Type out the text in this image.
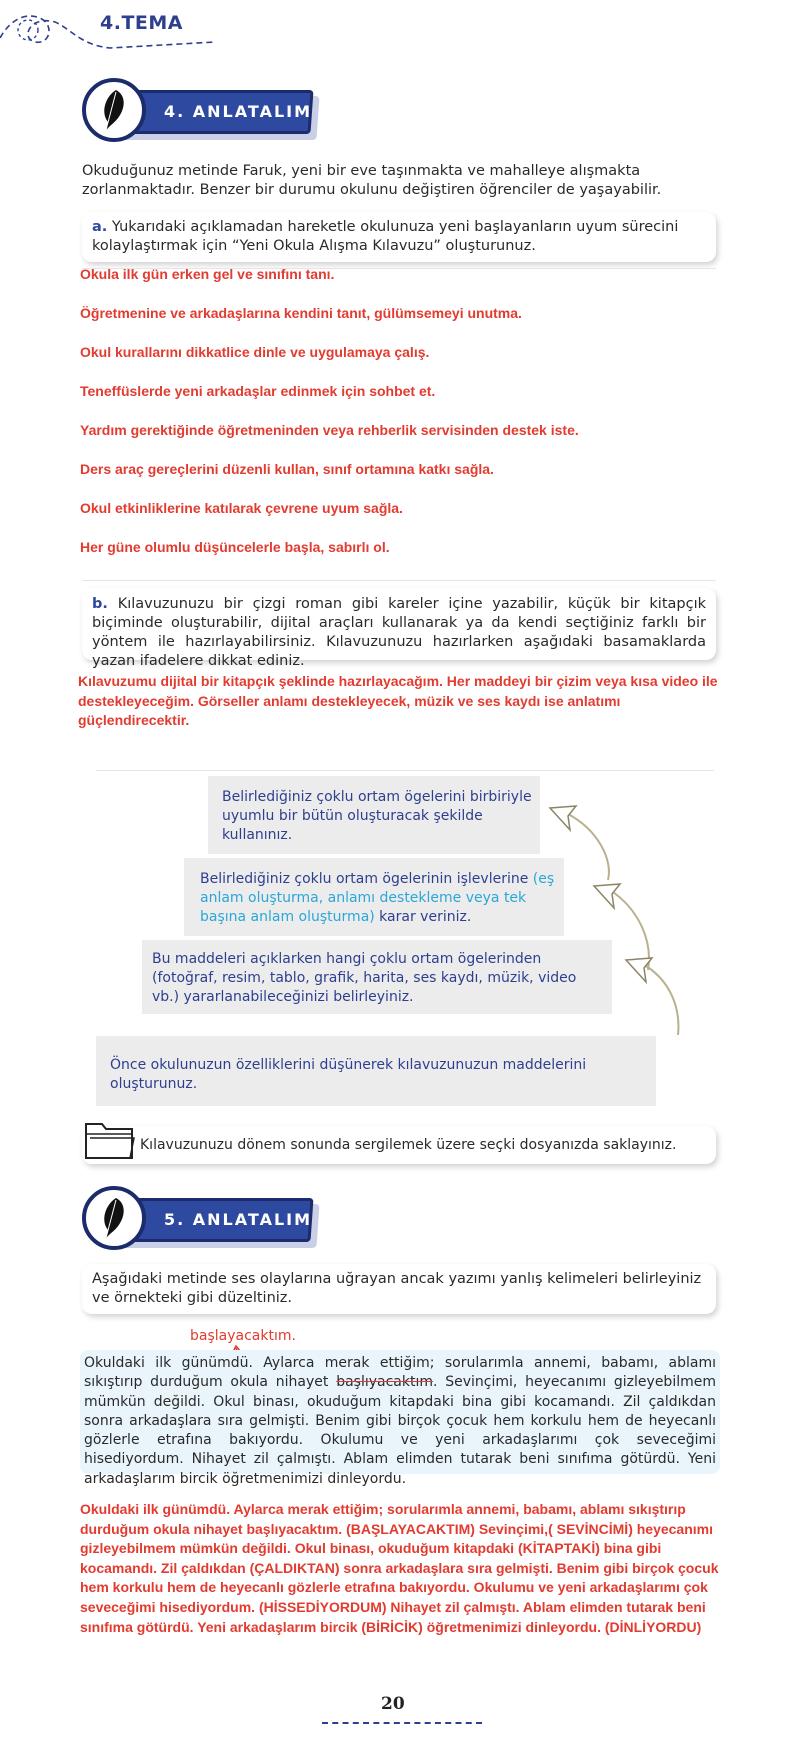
4.TEMA
4. ANLATALIM

Okuduğunuz metinde Faruk, yeni bir eve taşınmakta ve mahalleye alışmakta zorlanmaktadır. Benzer bir durumu okulunu değiştiren öğrenciler de yaşayabilir.

a. Yukarıdaki açıklamadan hareketle okulunuza yeni başlayanların uyum sürecini kolaylaştırmak için “Yeni Okula Alışma Kılavuzu” oluşturunuz.

Okula ilk gün erken gel ve sınıfını tanı.
Öğretmenine ve arkadaşlarına kendini tanıt, gülümsemeyi unutma.
Okul kurallarını dikkatlice dinle ve uygulamaya çalış.
Teneffüslerde yeni arkadaşlar edinmek için sohbet et.
Yardım gerektiğinde öğretmeninden veya rehberlik servisinden destek iste.
Ders araç gereçlerini düzenli kullan, sınıf ortamına katkı sağla.
Okul etkinliklerine katılarak çevrene uyum sağla.
Her güne olumlu düşüncelerle başla, sabırlı ol.

b. Kılavuzunuzu bir çizgi roman gibi kareler içine yazabilir, küçük bir kitapçık biçiminde oluşturabilir, dijital araçları kullanarak ya da kendi seçtiğiniz farklı bir yöntem ile hazırlayabilirsiniz. Kılavuzunuzu hazırlarken aşağıdaki basamaklarda yazan ifadelere dikkat ediniz.

Kılavuzumu dijital bir kitapçık şeklinde hazırlayacağım. Her maddeyi bir çizim veya kısa video ile destekleyeceğim. Görseller anlamı destekleyecek, müzik ve ses kaydı ise anlatımı güçlendirecektir.

Belirlediğiniz çoklu ortam ögelerini birbiriyle uyumlu bir bütün oluşturacak şekilde kullanınız.

Belirlediğiniz çoklu ortam ögelerinin işlevlerine (eş anlam oluşturma, anlamı destekleme veya tek başına anlam oluşturma) karar veriniz.

Bu maddeleri açıklarken hangi çoklu ortam ögelerinden (fotoğraf, resim, tablo, grafik, harita, ses kaydı, müzik, video vb.) yararlanabileceğinizi belirleyiniz.

Önce okulunuzun özelliklerini düşünerek kılavuzunuzun maddelerini oluşturunuz.

Kılavuzunuzu dönem sonunda sergilemek üzere seçki dosyanızda saklayınız.

5. ANLATALIM

Aşağıdaki metinde ses olaylarına uğrayan ancak yazımı yanlış kelimeleri belirleyiniz ve örnekteki gibi düzeltiniz.

başlayacaktım.

Okuldaki ilk günümdü. Aylarca merak ettiğim; sorularımla annemi, babamı, ablamı sıkıştırıp durduğum okula nihayet başlıyacaktım. Sevinçimi, heyecanımı gizleyebilmem mümkün değildi. Okul binası, okuduğum kitapdaki bina gibi kocamandı. Zil çaldıkdan sonra arkadaşlara sıra gelmişti. Benim gibi birçok çocuk hem korkulu hem de heyecanlı gözlerle etrafına bakıyordu. Okulumu ve yeni arkadaşlarımı çok seveceğimi hisediyordum. Nihayet zil çalmıştı. Ablam elimden tutarak beni sınıfıma götürdü. Yeni arkadaşlarım bircik öğretmenimizi dinleyordu.

Okuldaki ilk günümdü. Aylarca merak ettiğim; sorularımla annemi, babamı, ablamı sıkıştırıp durduğum okula nihayet başlıyacaktım. (BAŞLAYACAKTIM) Sevinçimi,( SEVİNCİMİ) heyecanımı gizleyebilmem mümkün değildi. Okul binası, okuduğum kitapdaki (KİTAPTAKİ) bina gibi kocamandı. Zil çaldıkdan (ÇALDIKTAN) sonra arkadaşlara sıra gelmişti. Benim gibi birçok çocuk hem korkulu hem de heyecanlı gözlerle etrafına bakıyordu. Okulumu ve yeni arkadaşlarımı çok seveceğimi hisediyordum. (HİSSEDİYORDUM) Nihayet zil çalmıştı. Ablam elimden tutarak beni sınıfıma götürdü. Yeni arkadaşlarım bircik (BİRİCİK) öğretmenimizi dinleyordu. (DİNLİYORDU)

20
